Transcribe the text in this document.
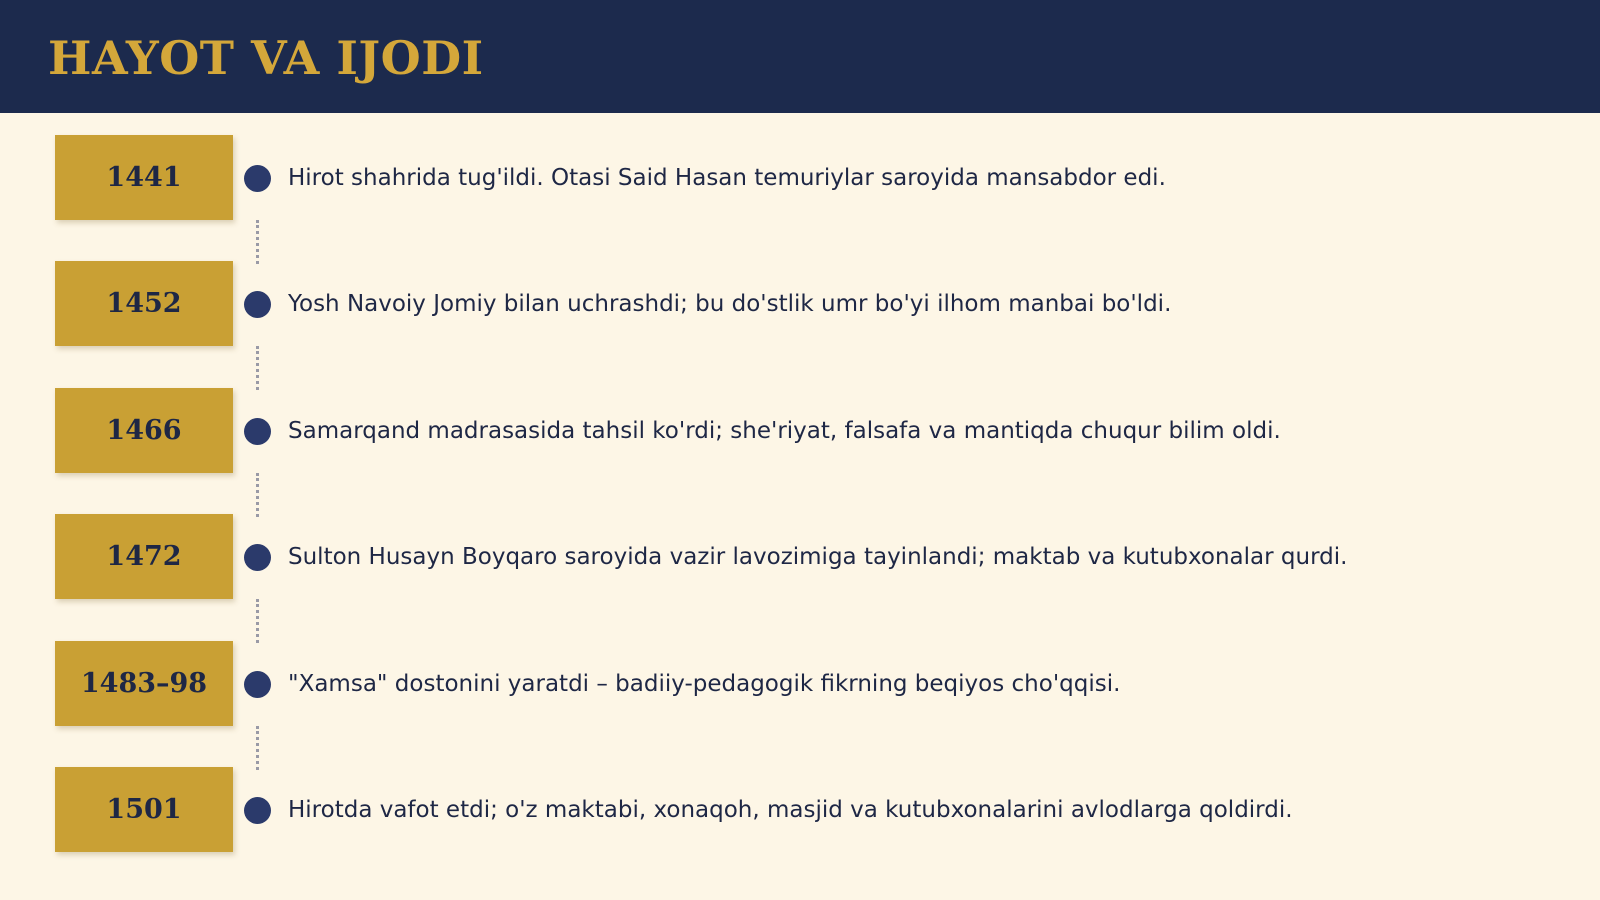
HAYOT VA IJODI
1441	Hirot shahrida tug'ildi. Otasi Said Hasan temuriylar saroyida mansabdor edi.
1452	Yosh Navoiy Jomiy bilan uchrashdi; bu do'stlik umr bo'yi ilhom manbai bo'ldi.
1466	Samarqand madrasasida tahsil ko'rdi; she'riyat, falsafa va mantiqda chuqur bilim oldi.
1472	Sulton Husayn Boyqaro saroyida vazir lavozimiga tayinlandi; maktab va kutubxonalar qurdi.
1483–98	"Xamsa" dostonini yaratdi – badiiy-pedagogik fikrning beqiyos cho'qqisi.
1501	Hirotda vafot etdi; o'z maktabi, xonaqoh, masjid va kutubxonalarini avlodlarga qoldirdi.
